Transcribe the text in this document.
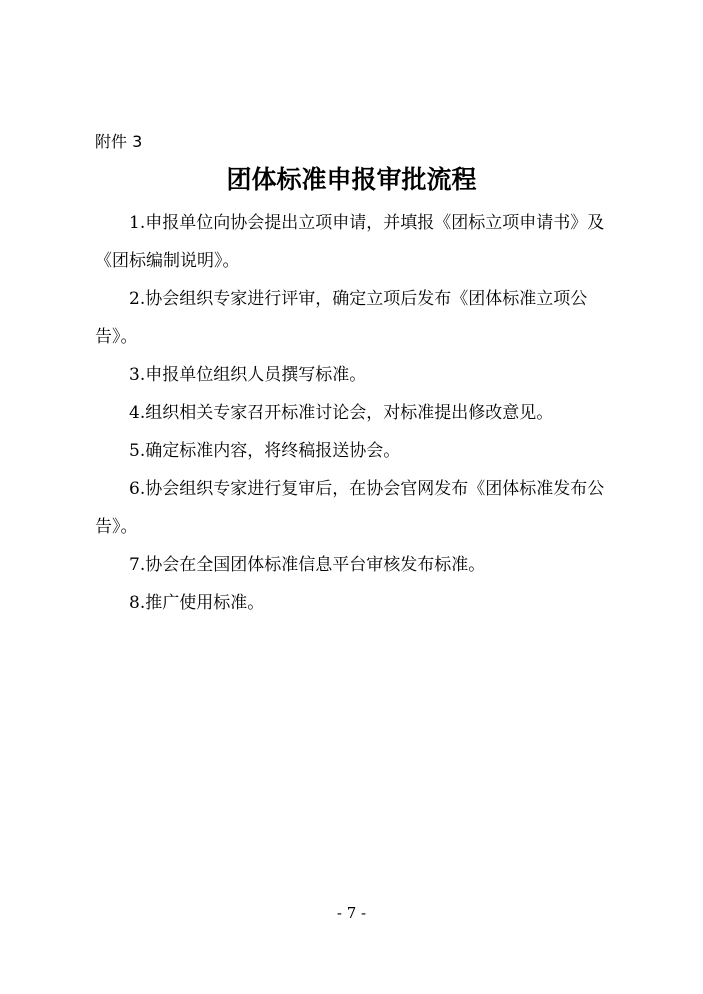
附件 3
团体标准申报审批流程

1.申报单位向协会提出立项申请，并填报《团标立项申请书》及《团标编制说明》。

2.协会组织专家进行评审，确定立项后发布《团体标准立项公告》。

3.申报单位组织人员撰写标准。

4.组织相关专家召开标准讨论会，对标准提出修改意见。

5.确定标准内容，将终稿报送协会。

6.协会组织专家进行复审后，在协会官网发布《团体标准发布公告》。

7.协会在全国团体标准信息平台审核发布标准。

8.推广使用标准。

- 7 -
